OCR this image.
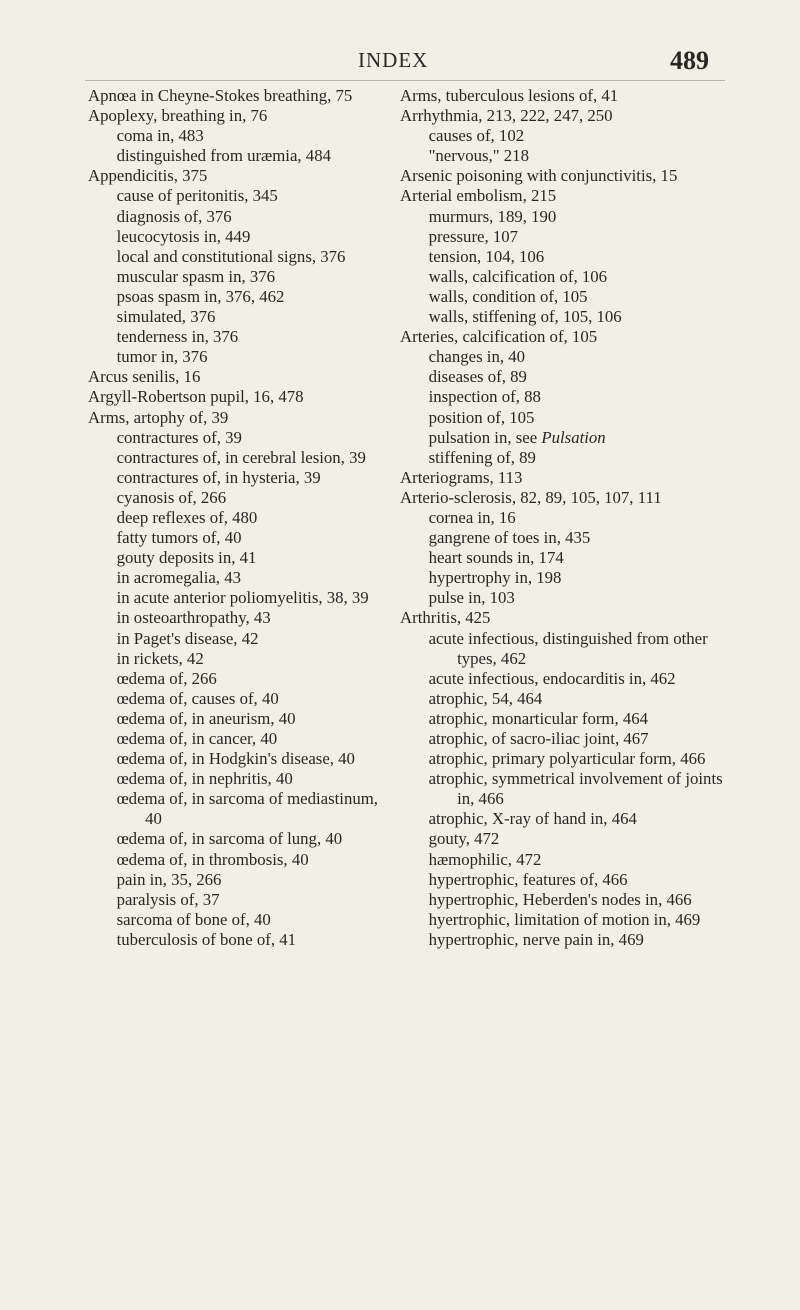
INDEX	489

Apnœa in Cheyne-Stokes breathing, 75

Apoplexy, breathing in, 76

coma in, 483

distinguished from uræmia, 484

Appendicitis, 375

cause of peritonitis, 345

diagnosis of, 376

leucocytosis in, 449

local and constitutional signs, 376

muscular spasm in, 376

psoas spasm in, 376, 462

simulated, 376

tenderness in, 376

tumor in, 376

Arcus senilis, 16

Argyll-Robertson pupil, 16, 478

Arms, artophy of, 39

contractures of, 39

contractures of, in cerebral lesion, 39

contractures of, in hysteria, 39

cyanosis of, 266

deep reflexes of, 480

fatty tumors of, 40

gouty deposits in, 41

in acromegalia, 43

in acute anterior poliomyelitis, 38, 39

in osteoarthropathy, 43

in Paget's disease, 42

in rickets, 42

œdema of, 266

œdema of, causes of, 40

œdema of, in aneurism, 40

œdema of, in cancer, 40

œdema of, in Hodgkin's disease, 40

œdema of, in nephritis, 40

œdema of, in sarcoma of mediastinum, 40

œdema of, in sarcoma of lung, 40

œdema of, in thrombosis, 40

pain in, 35, 266

paralysis of, 37

sarcoma of bone of, 40

tuberculosis of bone of, 41

Arms, tuberculous lesions of, 41

Arrhythmia, 213, 222, 247, 250

causes of, 102

"nervous," 218

Arsenic poisoning with conjunctivitis, 15

Arterial embolism, 215

murmurs, 189, 190

pressure, 107

tension, 104, 106

walls, calcification of, 106

walls, condition of, 105

walls, stiffening of, 105, 106

Arteries, calcification of, 105

changes in, 40

diseases of, 89

inspection of, 88

position of, 105

pulsation in, see Pulsation

stiffening of, 89

Arteriograms, 113

Arterio-sclerosis, 82, 89, 105, 107, 111

cornea in, 16

gangrene of toes in, 435

heart sounds in, 174

hypertrophy in, 198

pulse in, 103

Arthritis, 425

acute infectious, distinguished from other types, 462

acute infectious, endocarditis in, 462

atrophic, 54, 464

atrophic, monarticular form, 464

atrophic, of sacro-iliac joint, 467

atrophic, primary polyarticular form, 466

atrophic, symmetrical involvement of joints in, 466

atrophic, X-ray of hand in, 464

gouty, 472

hæmophilic, 472

hypertrophic, features of, 466

hypertrophic, Heberden's nodes in, 466

hyertrophic, limitation of motion in, 469

hypertrophic, nerve pain in, 469
